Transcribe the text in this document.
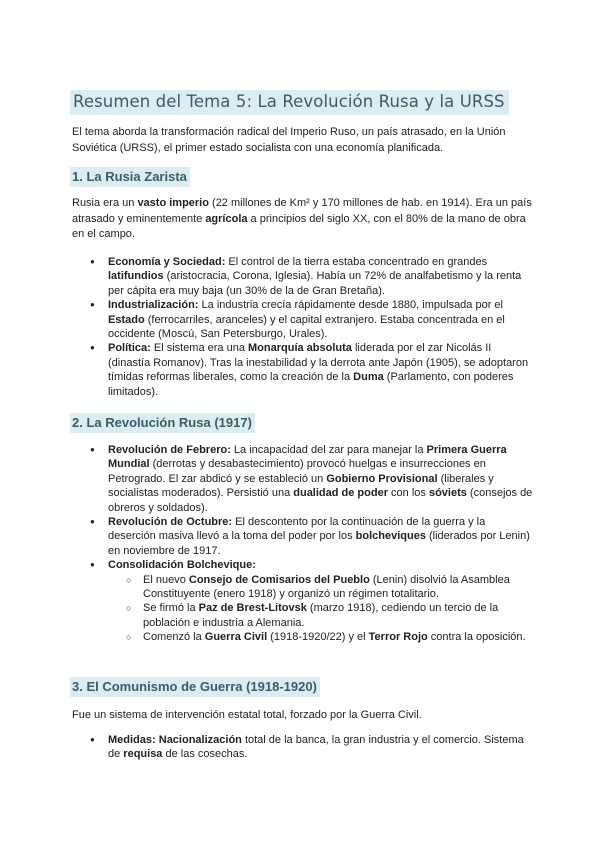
Resumen del Tema 5: La Revolución Rusa y la URSS

El tema aborda la transformación radical del Imperio Ruso, un país atrasado, en la Unión Soviética (URSS), el primer estado socialista con una economía planificada.

1. La Rusia Zarista

Rusia era un vasto imperio (22 millones de Km² y 170 millones de hab. en 1914). Era un país atrasado y eminentemente agrícola a principios del siglo XX, con el 80% de la mano de obra en el campo.

● Economía y Sociedad: El control de la tierra estaba concentrado en grandes latifundios (aristocracia, Corona, Iglesia). Había un 72% de analfabetismo y la renta per cápita era muy baja (un 30% de la de Gran Bretaña).
● Industrialización: La industria crecía rápidamente desde 1880, impulsada por el Estado (ferrocarriles, aranceles) y el capital extranjero. Estaba concentrada en el occidente (Moscú, San Petersburgo, Urales).
● Política: El sistema era una Monarquía absoluta liderada por el zar Nicolás II (dinastía Romanov). Tras la inestabilidad y la derrota ante Japón (1905), se adoptaron tímidas reformas liberales, como la creación de la Duma (Parlamento, con poderes limitados).
2. La Revolución Rusa (1917)
● Revolución de Febrero: La incapacidad del zar para manejar la Primera Guerra Mundial (derrotas y desabastecimiento) provocó huelgas e insurrecciones en Petrogrado. El zar abdicó y se estableció un Gobierno Provisional (liberales y socialistas moderados). Persistió una dualidad de poder con los sóviets (consejos de obreros y soldados).
● Revolución de Octubre: El descontento por la continuación de la guerra y la deserción masiva llevó a la toma del poder por los bolcheviques (liderados por Lenin) en noviembre de 1917.
● Consolidación Bolchevique:
○ El nuevo Consejo de Comisarios del Pueblo (Lenin) disolvió la Asamblea Constituyente (enero 1918) y organizó un régimen totalitario.
○ Se firmó la Paz de Brest-Litovsk (marzo 1918), cediendo un tercio de la población e industria a Alemania.
○ Comenzó la Guerra Civil (1918-1920/22) y el Terror Rojo contra la oposición.
3. El Comunismo de Guerra (1918-1920)

Fue un sistema de intervención estatal total, forzado por la Guerra Civil.

● Medidas: Nacionalización total de la banca, la gran industria y el comercio. Sistema de requisa de las cosechas.
